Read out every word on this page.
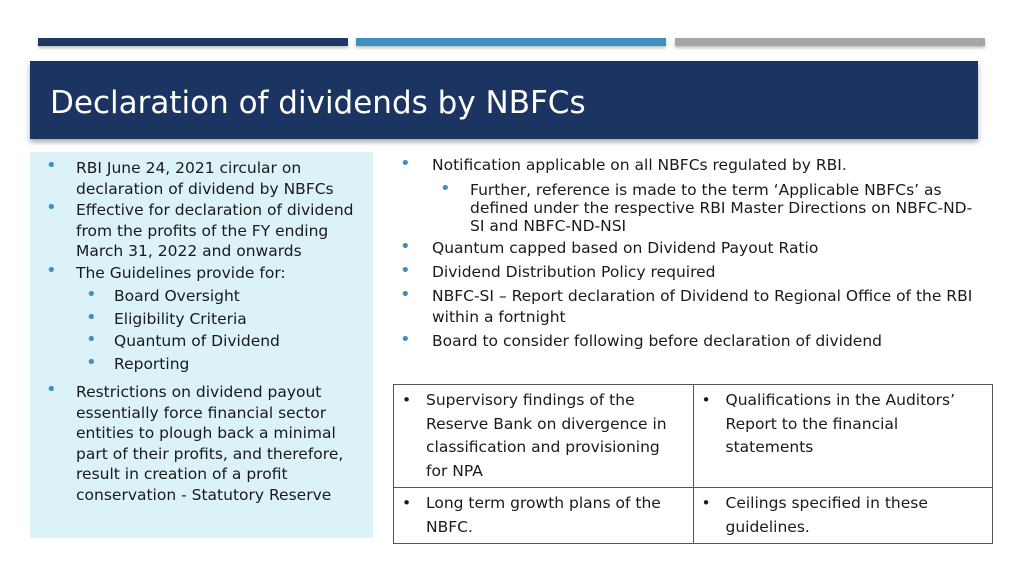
Declaration of dividends by NBFCs
• RBI June 24, 2021 circular on declaration of dividend by NBFCs
• Effective for declaration of dividend from the profits of the FY ending March 31, 2022 and onwards
• The Guidelines provide for:
• Board Oversight
• Eligibility Criteria
• Quantum of Dividend
• Reporting
• Restrictions on dividend payout essentially force financial sector entities to plough back a minimal part of their profits, and therefore, result in creation of a profit conservation - Statutory Reserve
• Notification applicable on all NBFCs regulated by RBI.
• Further, reference is made to the term ‘Applicable NBFCs’ as defined under the respective RBI Master Directions on NBFC-ND-SI and NBFC-ND-NSI
• Quantum capped based on Dividend Payout Ratio
• Dividend Distribution Policy required
• NBFC-SI – Report declaration of Dividend to Regional Office of the RBI within a fortnight
• Board to consider following before declaration of dividend
• Supervisory findings of the Reserve Bank on divergence in classification and provisioning for NPA	• Qualifications in the Auditors’ Report to the financial statements

• Long term growth plans of the NBFC.	• Ceilings specified in these guidelines.
